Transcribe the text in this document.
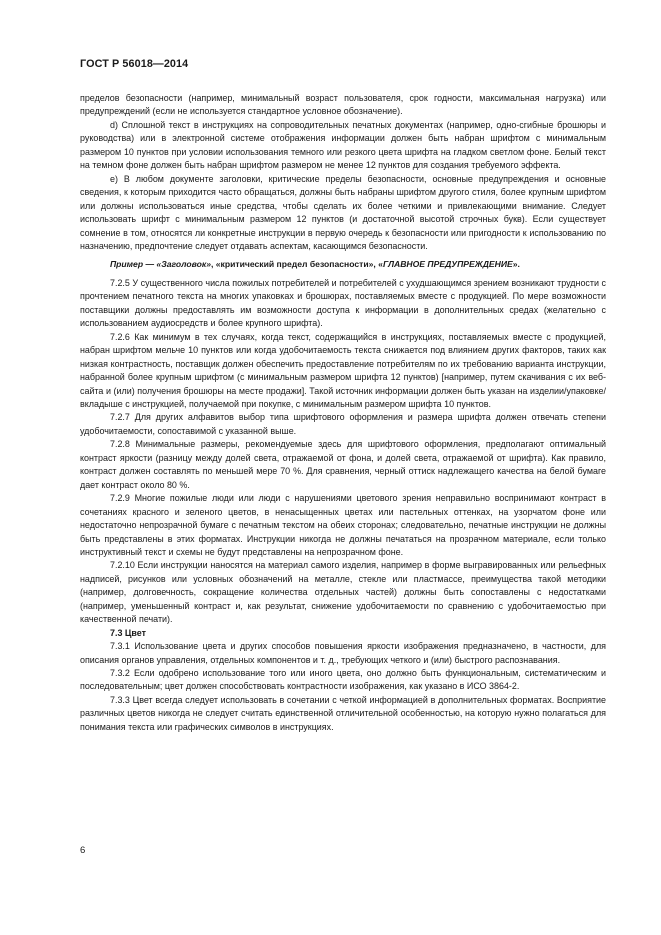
ГОСТ Р 56018—2014

пределов безопасности (например, минимальный возраст пользователя, срок годности, максимальная нагрузка) или предупреждений (если не используется стандартное условное обозначение).

d) Сплошной текст в инструкциях на сопроводительных печатных документах (например, одно-сгибные брошюры и руководства) или в электронной системе отображения информации должен быть набран шрифтом с минимальным размером 10 пунктов при условии использования темного или резкого цвета шрифта на гладком светлом фоне. Белый текст на темном фоне должен быть набран шрифтом размером не менее 12 пунктов для создания требуемого эффекта.

e) В любом документе заголовки, критические пределы безопасности, основные предупреждения и основные сведения, к которым приходится часто обращаться, должны быть набраны шрифтом другого стиля, более крупным шрифтом или должны использоваться иные средства, чтобы сделать их более четкими и привлекающими внимание. Следует использовать шрифт с минимальным размером 12 пунктов (и достаточной высотой строчных букв). Если существует сомнение в том, относятся ли конкретные инструкции в первую очередь к безопасности или пригодности к использованию по назначению, предпочтение следует отдавать аспектам, касающимся безопасности.

Пример — «Заголовок», «критический предел безопасности», «ГЛАВНОЕ ПРЕДУПРЕЖДЕНИЕ».

7.2.5 У существенного числа пожилых потребителей и потребителей с ухудшающимся зрением возникают трудности с прочтением печатного текста на многих упаковках и брошюрах, поставляемых вместе с продукцией. По мере возможности поставщики должны предоставлять им возможности доступа к информации в дополнительных средах (желательно с использованием аудиосредств и более крупного шрифта).

7.2.6 Как минимум в тех случаях, когда текст, содержащийся в инструкциях, поставляемых вместе с продукцией, набран шрифтом мельче 10 пунктов или когда удобочитаемость текста снижается под влиянием других факторов, таких как низкая контрастность, поставщик должен обеспечить предоставление потребителям по их требованию варианта инструкции, набранной более крупным шрифтом (с минимальным размером шрифта 12 пунктов) [например, путем скачивания с их веб-сайта и (или) получения брошюры на месте продажи]. Такой источник информации должен быть указан на изделии/упаковке/вкладыше с инструкцией, получаемой при покупке, с минимальным размером шрифта 10 пунктов.

7.2.7 Для других алфавитов выбор типа шрифтового оформления и размера шрифта должен отвечать степени удобочитаемости, сопоставимой с указанной выше.

7.2.8 Минимальные размеры, рекомендуемые здесь для шрифтового оформления, предполагают оптимальный контраст яркости (разницу между долей света, отражаемой от фона, и долей света, отражаемой от шрифта). Как правило, контраст должен составлять по меньшей мере 70 %. Для сравнения, черный оттиск надлежащего качества на белой бумаге дает контраст около 80 %.

7.2.9 Многие пожилые люди или люди с нарушениями цветового зрения неправильно воспринимают контраст в сочетаниях красного и зеленого цветов, в ненасыщенных цветах или пастельных оттенках, на узорчатом фоне или недостаточно непрозрачной бумаге с печатным текстом на обеих сторонах; следовательно, печатные инструкции не должны быть представлены в этих форматах. Инструкции никогда не должны печататься на прозрачном материале, если только инструктивный текст и схемы не будут представлены на непрозрачном фоне.

7.2.10 Если инструкции наносятся на материал самого изделия, например в форме выгравированных или рельефных надписей, рисунков или условных обозначений на металле, стекле или пластмассе, преимущества такой методики (например, долговечность, сокращение количества отдельных частей) должны быть сопоставлены с недостатками (например, уменьшенный контраст и, как результат, снижение удобочитаемости по сравнению с удобочитаемостью при качественной печати).

7.3 Цвет

7.3.1 Использование цвета и других способов повышения яркости изображения предназначено, в частности, для описания органов управления, отдельных компонентов и т. д., требующих четкого и (или) быстрого распознавания.

7.3.2 Если одобрено использование того или иного цвета, оно должно быть функциональным, систематическим и последовательным; цвет должен способствовать контрастности изображения, как указано в ИСО 3864-2.

7.3.3 Цвет всегда следует использовать в сочетании с четкой информацией в дополнительных форматах. Восприятие различных цветов никогда не следует считать единственной отличительной особенностью, на которую нужно полагаться для понимания текста или графических символов в инструкциях.

6
